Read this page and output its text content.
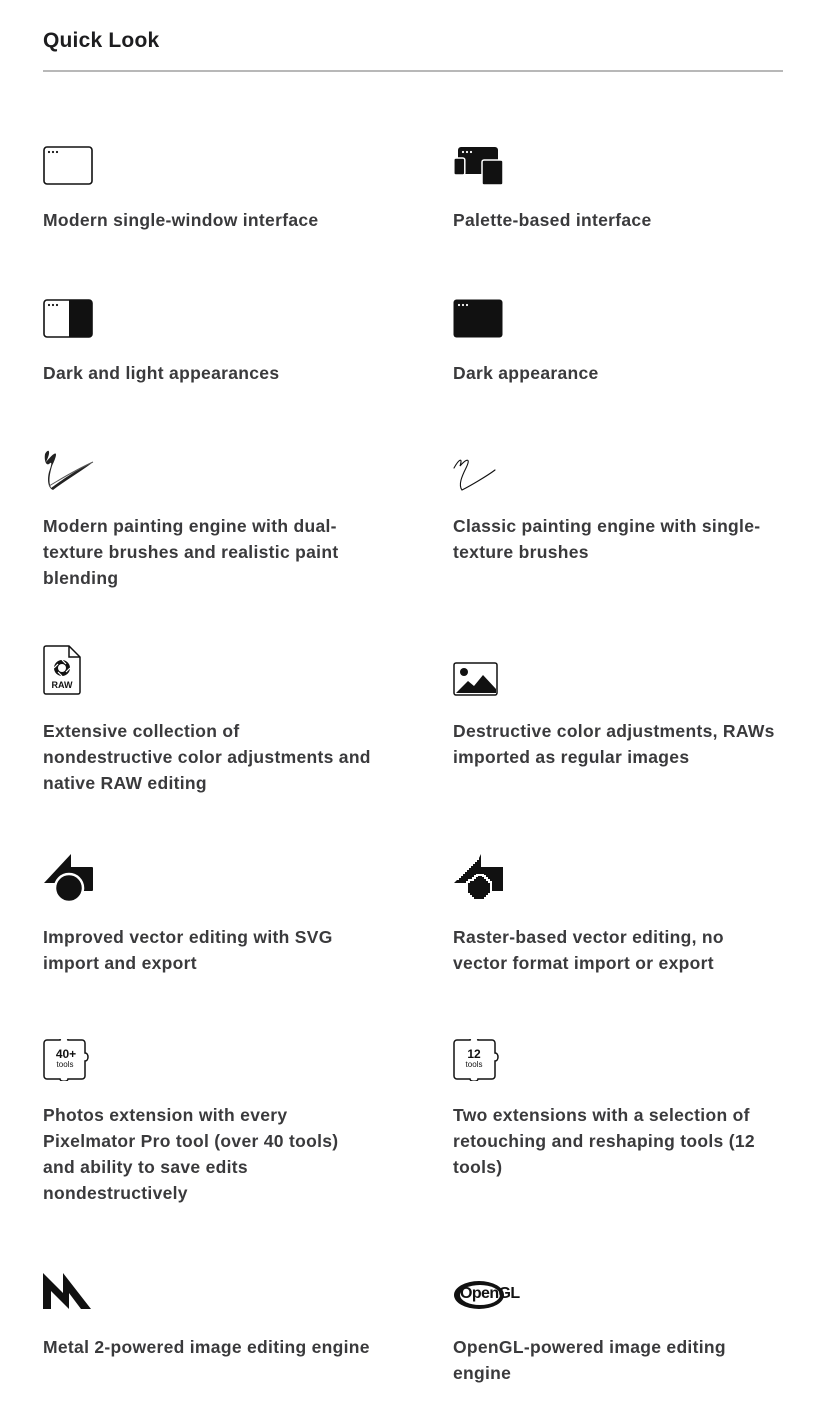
Quick Look

Modern single-window interface	Palette-based interface

Dark and light appearances	Dark appearance

Modern painting engine with dual-texture brushes and realistic paint blending

Classic painting engine with single-texture brushes

RAW

Extensive collection of nondestructive color adjustments and native RAW editing

Destructive color adjustments, RAWs imported as regular images

Improved vector editing with SVG import and export

Raster-based vector editing, no vector format import or export

40+
tools

Photos extension with every Pixelmator Pro tool (over 40 tools) and ability to save edits nondestructively

12
tools

Two extensions with a selection of retouching and reshaping tools (12 tools)

Metal 2-powered image editing engine

OpenGL

OpenGL-powered image editing engine
